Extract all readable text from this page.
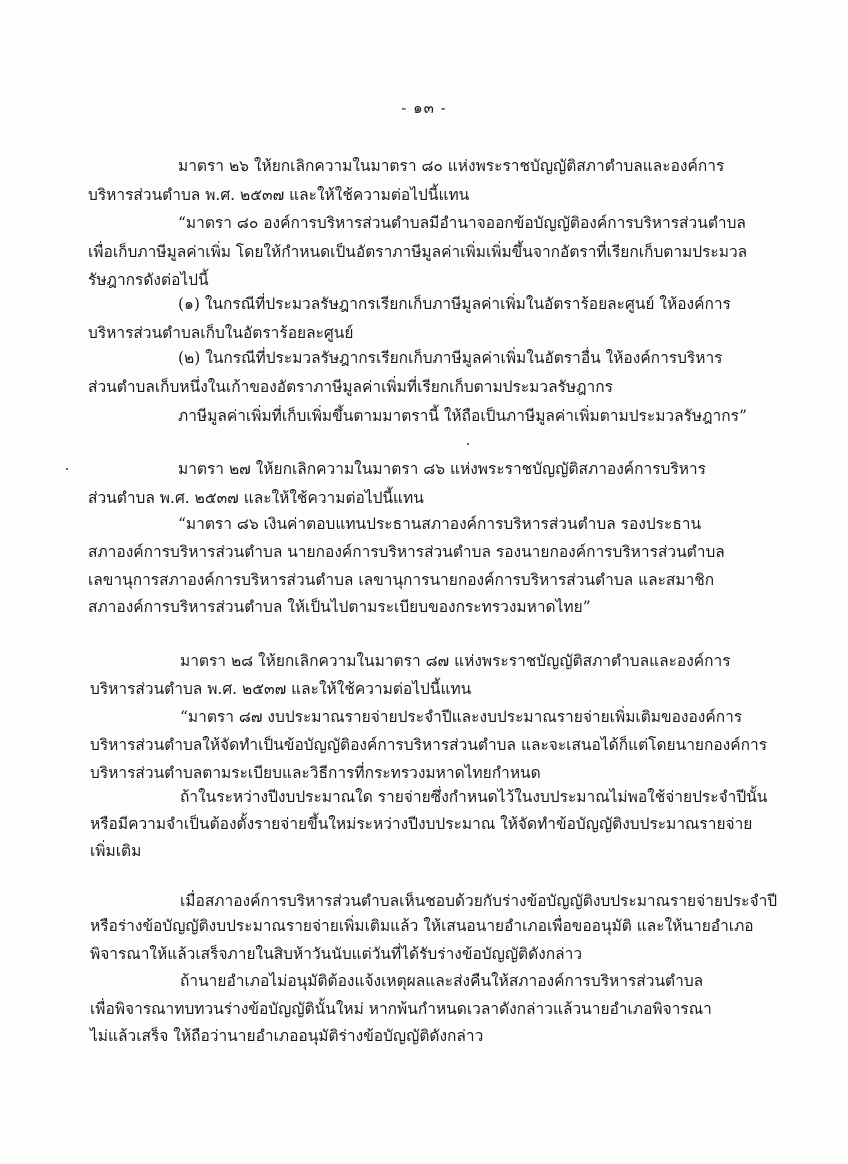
- ๑๓ -
มาตรา ๒๖ ให้ยกเลิกความในมาตรา ๘๐ แห่งพระราชบัญญัติสภาตำบลและองค์การ
บริหารส่วนตำบล พ.ศ. ๒๕๓๗ และให้ใช้ความต่อไปนี้แทน
“มาตรา ๘๐ องค์การบริหารส่วนตำบลมีอำนาจออกข้อบัญญัติองค์การบริหารส่วนตำบล
เพื่อเก็บภาษีมูลค่าเพิ่ม โดยให้กำหนดเป็นอัตราภาษีมูลค่าเพิ่มเพิ่มขึ้นจากอัตราที่เรียกเก็บตามประมวล
รัษฎากรดังต่อไปนี้
(๑) ในกรณีที่ประมวลรัษฎากรเรียกเก็บภาษีมูลค่าเพิ่มในอัตราร้อยละศูนย์ ให้องค์การ
บริหารส่วนตำบลเก็บในอัตราร้อยละศูนย์
(๒) ในกรณีที่ประมวลรัษฎากรเรียกเก็บภาษีมูลค่าเพิ่มในอัตราอื่น ให้องค์การบริหาร
ส่วนตำบลเก็บหนึ่งในเก้าของอัตราภาษีมูลค่าเพิ่มที่เรียกเก็บตามประมวลรัษฎากร
ภาษีมูลค่าเพิ่มที่เก็บเพิ่มขึ้นตามมาตรานี้ ให้ถือเป็นภาษีมูลค่าเพิ่มตามประมวลรัษฎากร”
มาตรา ๒๗ ให้ยกเลิกความในมาตรา ๘๖ แห่งพระราชบัญญัติสภาองค์การบริหาร
ส่วนตำบล พ.ศ. ๒๕๓๗ และให้ใช้ความต่อไปนี้แทน
“มาตรา ๘๖ เงินค่าตอบแทนประธานสภาองค์การบริหารส่วนตำบล รองประธาน
สภาองค์การบริหารส่วนตำบล นายกองค์การบริหารส่วนตำบล รองนายกองค์การบริหารส่วนตำบล
เลขานุการสภาองค์การบริหารส่วนตำบล เลขานุการนายกองค์การบริหารส่วนตำบล และสมาชิก
สภาองค์การบริหารส่วนตำบล ให้เป็นไปตามระเบียบของกระทรวงมหาดไทย”
มาตรา ๒๘ ให้ยกเลิกความในมาตรา ๘๗ แห่งพระราชบัญญัติสภาตำบลและองค์การ
บริหารส่วนตำบล พ.ศ. ๒๕๓๗ และให้ใช้ความต่อไปนี้แทน
“มาตรา ๘๗ งบประมาณรายจ่ายประจำปีและงบประมาณรายจ่ายเพิ่มเติมขององค์การ
บริหารส่วนตำบลให้จัดทำเป็นข้อบัญญัติองค์การบริหารส่วนตำบล และจะเสนอได้ก็แต่โดยนายกองค์การ
บริหารส่วนตำบลตามระเบียบและวิธีการที่กระทรวงมหาดไทยกำหนด
ถ้าในระหว่างปีงบประมาณใด รายจ่ายซึ่งกำหนดไว้ในงบประมาณไม่พอใช้จ่ายประจำปีนั้น
หรือมีความจำเป็นต้องตั้งรายจ่ายขึ้นใหม่ระหว่างปีงบประมาณ ให้จัดทำข้อบัญญัติงบประมาณรายจ่าย
เพิ่มเติม
เมื่อสภาองค์การบริหารส่วนตำบลเห็นชอบด้วยกับร่างข้อบัญญัติงบประมาณรายจ่ายประจำปี
หรือร่างข้อบัญญัติงบประมาณรายจ่ายเพิ่มเติมแล้ว ให้เสนอนายอำเภอเพื่อขออนุมัติ และให้นายอำเภอ
พิจารณาให้แล้วเสร็จภายในสิบห้าวันนับแต่วันที่ได้รับร่างข้อบัญญัติดังกล่าว
ถ้านายอำเภอไม่อนุมัติต้องแจ้งเหตุผลและส่งคืนให้สภาองค์การบริหารส่วนตำบล
เพื่อพิจารณาทบทวนร่างข้อบัญญัตินั้นใหม่ หากพ้นกำหนดเวลาดังกล่าวแล้วนายอำเภอพิจารณา
ไม่แล้วเสร็จ ให้ถือว่านายอำเภออนุมัติร่างข้อบัญญัติดังกล่าว
